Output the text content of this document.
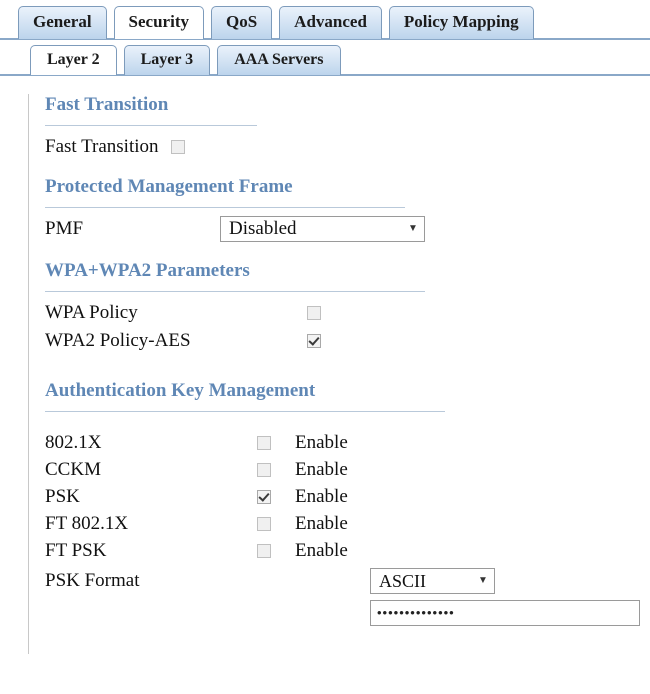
General Security QoS Advanced Policy Mapping
Layer 2	Layer 3	AAA Servers
Fast Transition
Fast Transition
Protected Management Frame
PMF	Disabled	▼
WPA+WPA2 Parameters
WPA Policy
WPA2 Policy-AES
Authentication Key Management
802.1X	Enable
CCKM	Enable
PSK	Enable
FT 802.1X	Enable
FT PSK	Enable
PSK Format	ASCII	▼
••••••••••••••
